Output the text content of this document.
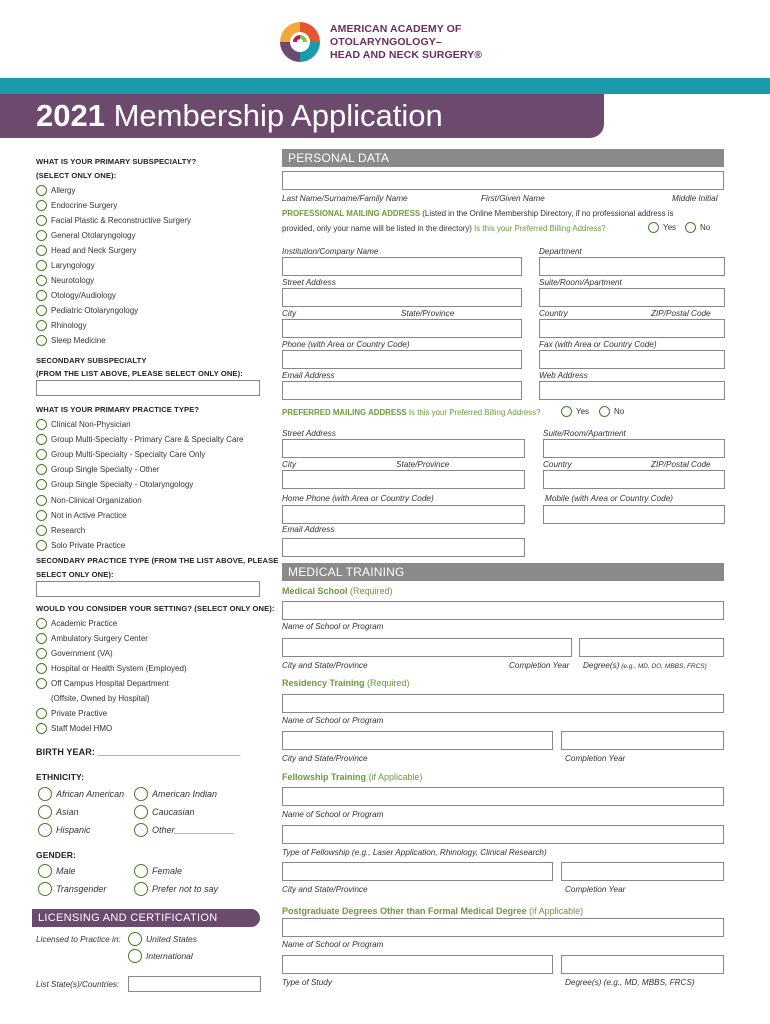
AMERICAN ACADEMY OF
OTOLARYNGOLOGY–
HEAD AND NECK SURGERY®
2021 Membership Application
WHAT IS YOUR PRIMARY SUBSPECIALTY?
(SELECT ONLY ONE):
Allergy
Endocrine Surgery
Facial Plastic & Reconstructive Surgery
General Otolaryngology
Head and Neck Surgery
Laryngology
Neurotology
Otology/Audiology
Pediatric Otolaryngology
Rhinology
Sleep Medicine
SECONDARY SUBSPECIALTY
(FROM THE LIST ABOVE, PLEASE SELECT ONLY ONE):
WHAT IS YOUR PRIMARY PRACTICE TYPE?
Clinical Non-Physician
Group Multi-Specialty - Primary Care & Specialty Care
Group Multi-Specialty - Specialty Care Only
Group Single Specialty - Other
Group Single Specialty - Otolaryngology
Non-Clinical Organization
Not in Active Practice
Research
Solo Private Practice
SECONDARY PRACTICE TYPE (FROM THE LIST ABOVE, PLEASE
SELECT ONLY ONE):
WOULD YOU CONSIDER YOUR SETTING? (SELECT ONLY ONE):
Academic Practice
Ambulatory Surgery Center
Government (VA)
Hospital or Health System (Employed)
Off Campus Hospital Department
(Offsite, Owned by Hospital)
Private Practive
Staff Model HMO
BIRTH YEAR: ____________________________
ETHNICITY:
African American	American Indian
Asian	Caucasian
Hispanic	Other____________
GENDER:
Male	Female
Transgender	Prefer not to say
LICENSING AND CERTIFICATION
Licensed to Practice in:	United States
International
List State(s)/Countries:
PERSONAL DATA
Last Name/Surname/Family Name	First/Given Name	Middle Initial
PROFESSIONAL MAILING ADDRESS (Listed in the Online Membership Directory, if no professional address is
provided, only your name will be listed in the directory) Is this your Preferred Billing Address?	Yes	No
Institution/Company Name	Department
Street Address	Suite/Room/Apartment
City	State/Province	Country	ZIP/Postal Code
Phone (with Area or Country Code)	Fax (with Area or Country Code)
Email Address	Web Address
PREFERRED MAILING ADDRESS Is this your Preferred Billing Address?	Yes	No
Street Address	Suite/Room/Apartment
City	State/Province	Country	ZIP/Postal Code
Home Phone (with Area or Country Code)	Mobile (with Area or Country Code)
Email Address
MEDICAL TRAINING
Medical School (Required)
Name of School or Program
City and State/Province	Completion Year Degree(s) (e.g., MD, DO, MBBS, FRCS)
Residency Training (Required)
Name of School or Program
City and State/Province	Completion Year
Fellowship Training (if Applicable)
Name of School or Program
Type of Fellowship (e.g., Laser Application, Rhinology, Clinical Research)
City and State/Province	Completion Year
Postgraduate Degrees Other than Formal Medical Degree (if Applicable)
Name of School or Program
Type of Study	Degree(s) (e.g., MD, MBBS, FRCS)
